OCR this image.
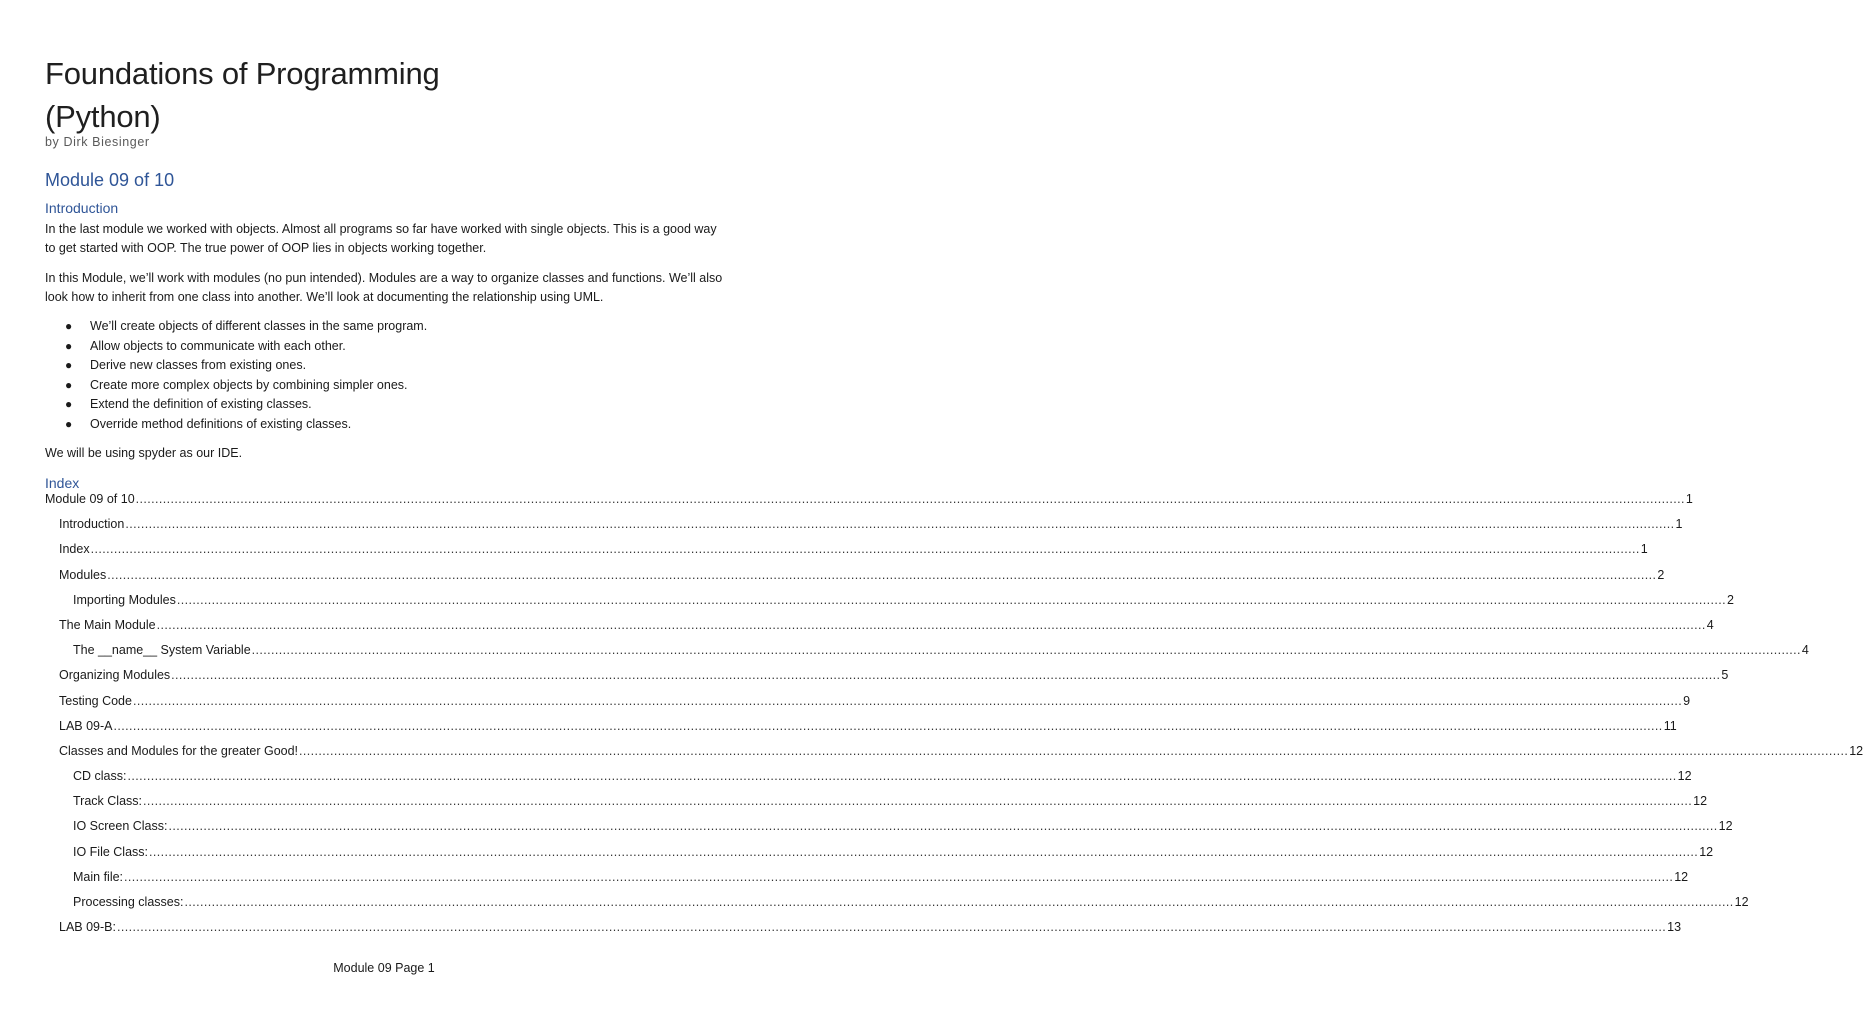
Foundations of Programming
(Python)
by Dirk Biesinger
Module 09 of 10
Introduction

In the last module we worked with objects. Almost all programs so far have worked with single objects. This is a good way to get started with OOP. The true power of OOP lies in objects working together.

In this Module, we’ll work with modules (no pun intended). Modules are a way to organize classes and functions. We’ll also look how to inherit from one class into another. We’ll look at documenting the relationship using UML.

● We’ll create objects of different classes in the same program.
● Allow objects to communicate with each other.
● Derive new classes from existing ones.
● Create more complex objects by combining simpler ones.
● Extend the definition of existing classes.
● Override method definitions of existing classes.

We will be using spyder as our IDE.

Index
Module 09 of 10 ................................................................................................................................................................................................................................................................................................................................................................................................................ 1
Introduction ................................................................................................................................................................................................................................................................................................................................................................................................................ 1
Index ................................................................................................................................................................................................................................................................................................................................................................................................................ 1
Modules ................................................................................................................................................................................................................................................................................................................................................................................................................ 2
Importing Modules ................................................................................................................................................................................................................................................................................................................................................................................................................ 2
The Main Module ................................................................................................................................................................................................................................................................................................................................................................................................................ 4
The __name__ System Variable ................................................................................................................................................................................................................................................................................................................................................................................................................ 4
Organizing Modules ................................................................................................................................................................................................................................................................................................................................................................................................................ 5
Testing Code ................................................................................................................................................................................................................................................................................................................................................................................................................ 9
LAB 09-A ................................................................................................................................................................................................................................................................................................................................................................................................................ 11
Classes and Modules for the greater Good! ................................................................................................................................................................................................................................................................................................................................................................................................................ 12
CD class: ................................................................................................................................................................................................................................................................................................................................................................................................................ 12
Track Class: ................................................................................................................................................................................................................................................................................................................................................................................................................ 12
IO Screen Class: ................................................................................................................................................................................................................................................................................................................................................................................................................ 12
IO File Class: ................................................................................................................................................................................................................................................................................................................................................................................................................ 12
Main file: ................................................................................................................................................................................................................................................................................................................................................................................................................ 12
Processing classes: ................................................................................................................................................................................................................................................................................................................................................................................................................ 12
LAB 09-B: ................................................................................................................................................................................................................................................................................................................................................................................................................ 13
Module 09 Page 1
